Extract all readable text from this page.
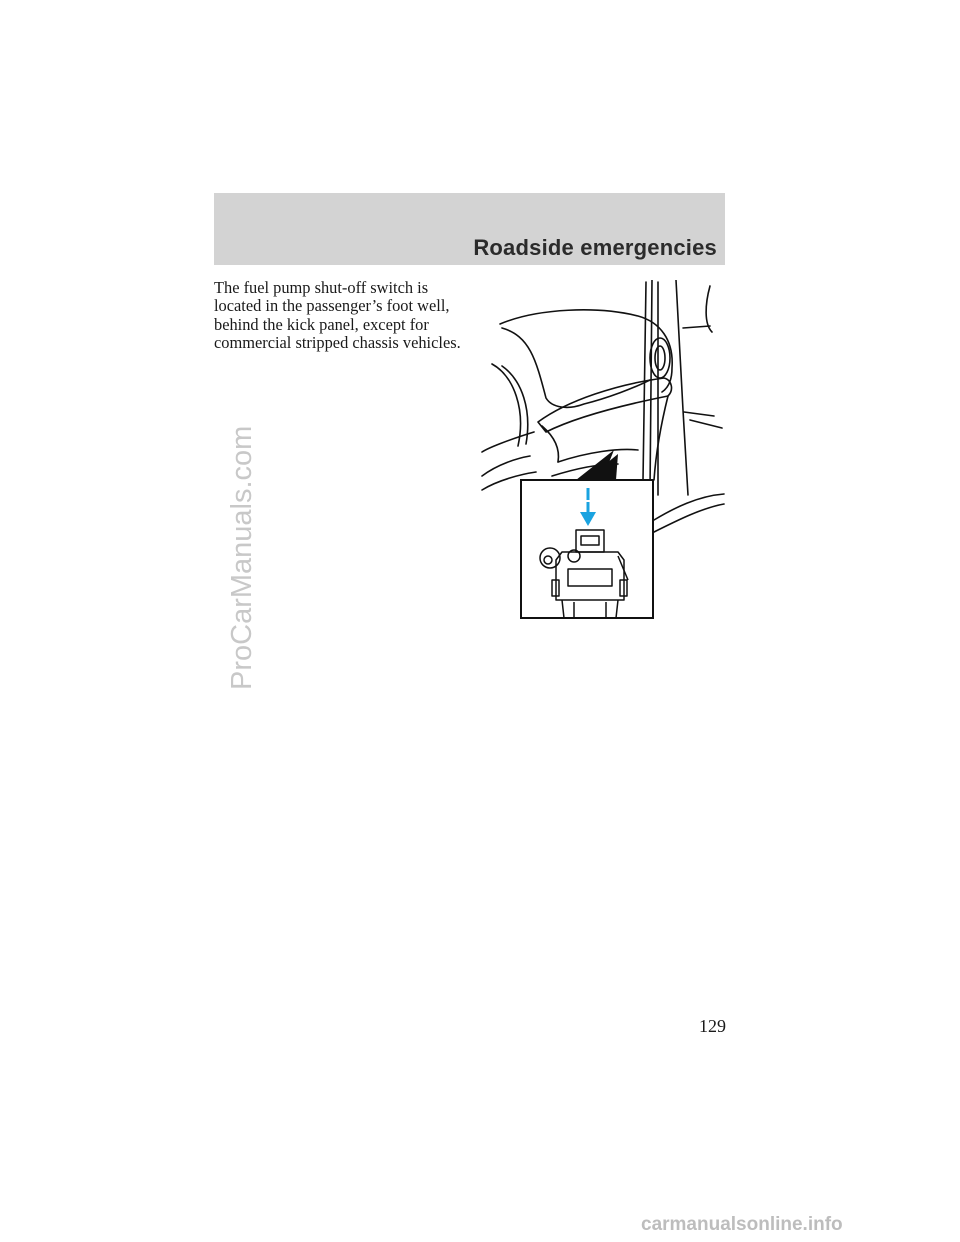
Roadside emergencies

The fuel pump shut-off switch is located in the passenger’s foot well, behind the kick panel, except for commercial stripped chassis vehicles.

129

ProCarManuals.com
carmanualsonline.info
